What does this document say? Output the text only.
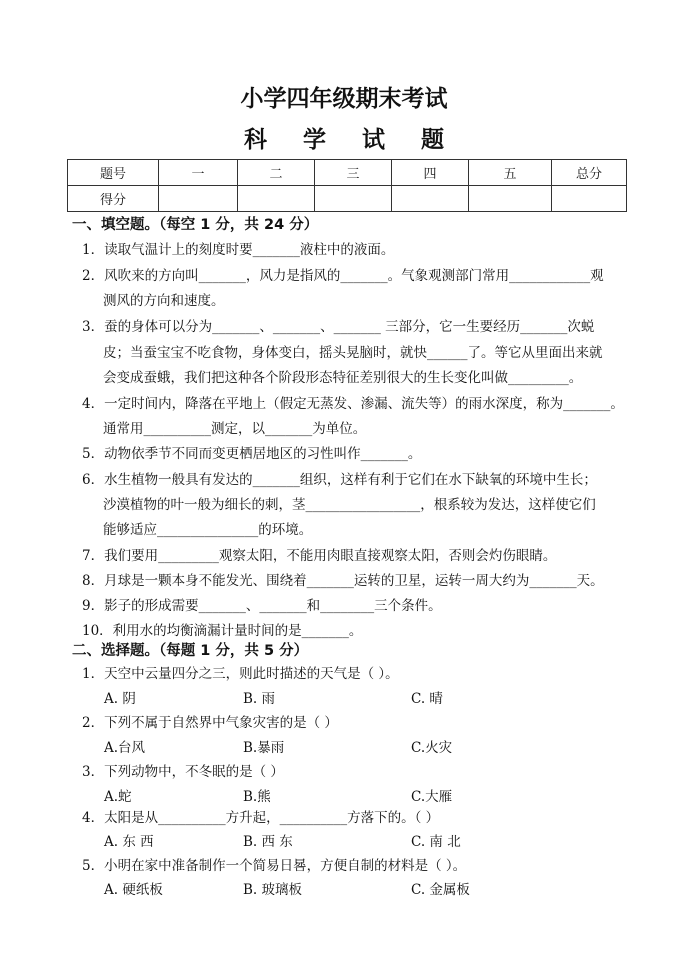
小学四年级期末考试
科 学 试 题
题号	一	二	三	四	五	总分
得分						
一、填空题。（每空 1 分，共 24 分）
1．读取气温计上的刻度时要_______液柱中的液面。
2．风吹来的方向叫_______，风力是指风的_______。气象观测部门常用____________观
测风的方向和速度。
3．蚕的身体可以分为_______、_______、_______ 三部分，它一生要经历_______次蜕
皮；当蚕宝宝不吃食物，身体变白，摇头晃脑时，就快______了。等它从里面出来就
会变成蚕蛾，我们把这种各个阶段形态特征差别很大的生长变化叫做_________。
4．一定时间内，降落在平地上（假定无蒸发、渗漏、流失等）的雨水深度，称为_______。
通常用__________测定，以_______为单位。
5．动物依季节不同而变更栖居地区的习性叫作_______。
6．水生植物一般具有发达的_______组织，这样有利于它们在水下缺氧的环境中生长；
沙漠植物的叶一般为细长的刺，茎_________________，根系较为发达，这样使它们
能够适应_______________的环境。
7．我们要用_________观察太阳，不能用肉眼直接观察太阳，否则会灼伤眼睛。
8．月球是一颗本身不能发光、围绕着_______运转的卫星，运转一周大约为_______天。
9．影子的形成需要_______、_______和________三个条件。
10．利用水的均衡滴漏计量时间的是_______。
二、选择题。（每题 1 分，共 5 分）
1．天空中云量四分之三，则此时描述的天气是（ ）。
A. 阴	B. 雨	C. 晴
2．下列不属于自然界中气象灾害的是（ ）
A.台风	B.暴雨	C.火灾
3．下列动物中，不冬眠的是（ ）
A.蛇	B.熊	C.大雁
4．太阳是从__________方升起，__________方落下的。（ ）
A. 东 西	B. 西 东	C. 南 北
5．小明在家中准备制作一个简易日晷，方便自制的材料是（ ）。
A. 硬纸板	B. 玻璃板	C. 金属板
